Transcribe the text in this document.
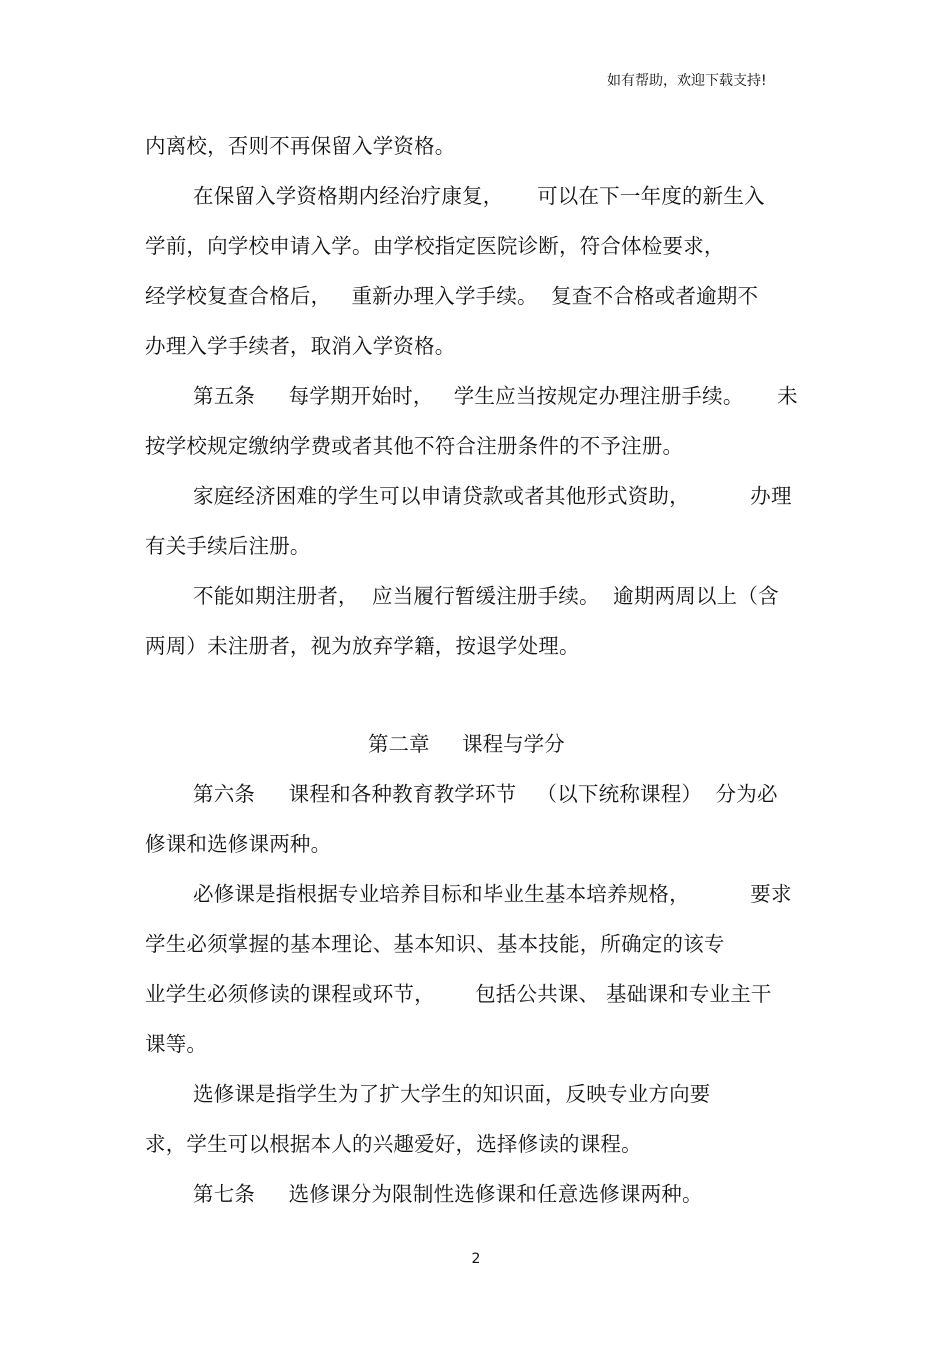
如有帮助，欢迎下载支持!
内离校，否则不再保留入学资格。
在保留入学资格期内经治疗康复，     可以在下一年度的新生入
学前，向学校申请入学。由学校指定医院诊断，符合体检要求，
经学校复查合格后，   重新办理入学手续。  复查不合格或者逾期不
办理入学手续者，取消入学资格。
第五条     每学期开始时，   学生应当按规定办理注册手续。     未
按学校规定缴纳学费或者其他不符合注册条件的不予注册。
家庭经济困难的学生可以申请贷款或者其他形式资助，         办理
有关手续后注册。
不能如期注册者，  应当履行暂缓注册手续。  逾期两周以上（含
两周）未注册者，视为放弃学籍，按退学处理。
第二章     课程与学分
第六条     课程和各种教育教学环节   （以下统称课程）  分为必
修课和选修课两种。
必修课是指根据专业培养目标和毕业生基本培养规格，         要求
学生必须掌握的基本理论、基本知识、基本技能，所确定的该专
业学生必须修读的课程或环节，      包括公共课、 基础课和专业主干
课等。
选修课是指学生为了扩大学生的知识面，反映专业方向要
求，学生可以根据本人的兴趣爱好，选择修读的课程。
第七条     选修课分为限制性选修课和任意选修课两种。
2
